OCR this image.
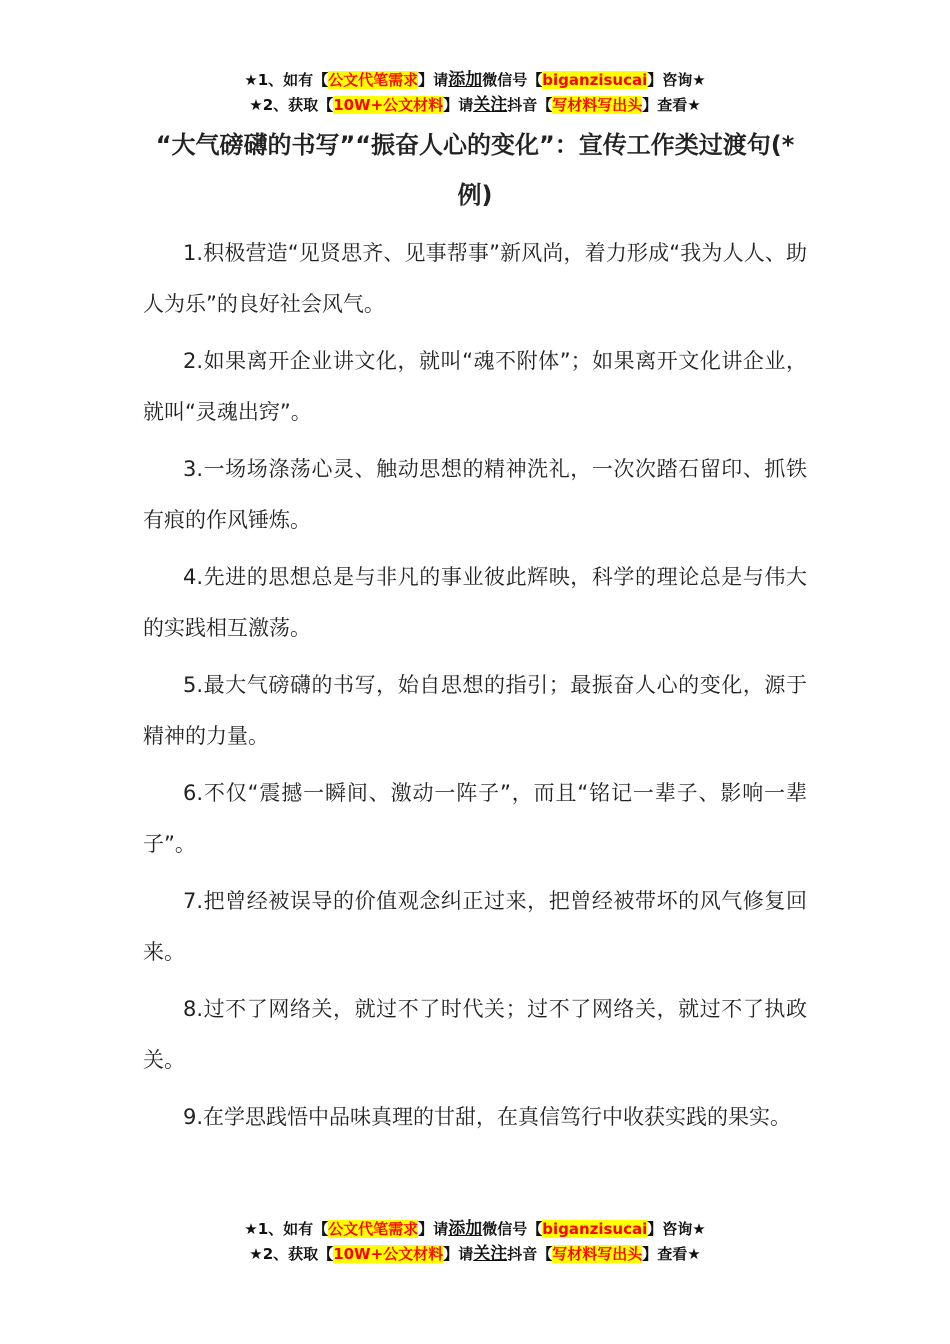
★1、如有【公文代笔需求】请添加微信号【biganzisucai】咨询★
★2、获取【10W+公文材料】请关注抖音【写材料写出头】查看★
“大气磅礴的书写”“振奋人心的变化”：宣传工作类过渡句(*例)

1.积极营造“见贤思齐、见事帮事”新风尚，着力形成“我为人人、助人为乐”的良好社会风气。

2.如果离开企业讲文化，就叫“魂不附体”；如果离开文化讲企业，就叫“灵魂出窍”。

3.一场场涤荡心灵、触动思想的精神洗礼，一次次踏石留印、抓铁有痕的作风锤炼。

4.先进的思想总是与非凡的事业彼此辉映，科学的理论总是与伟大的实践相互激荡。

5.最大气磅礴的书写，始自思想的指引；最振奋人心的变化，源于精神的力量。

6.不仅“震撼一瞬间、激动一阵子”，而且“铭记一辈子、影响一辈子”。

7.把曾经被误导的价值观念纠正过来，把曾经被带坏的风气修复回来。

8.过不了网络关，就过不了时代关；过不了网络关，就过不了执政关。

9.在学思践悟中品味真理的甘甜，在真信笃行中收获实践的果实。

★1、如有【公文代笔需求】请添加微信号【biganzisucai】咨询★
★2、获取【10W+公文材料】请关注抖音【写材料写出头】查看★
